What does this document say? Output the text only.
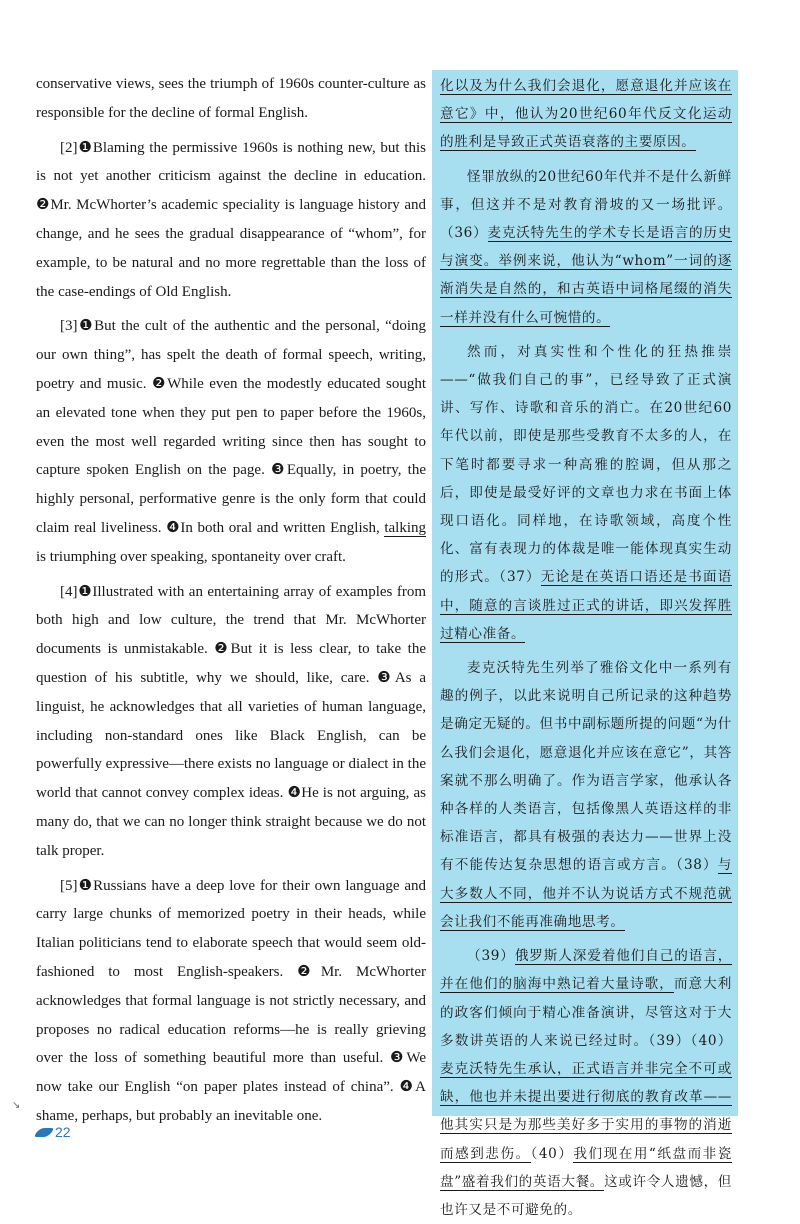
conservative views, sees the triumph of 1960s counter-culture as responsible for the decline of formal English.

[2]❶Blaming the permissive 1960s is nothing new, but this is not yet another criticism against the decline in education. ❷Mr. McWhorter’s academic speciality is language history and change, and he sees the gradual disappearance of “whom”, for example, to be natural and no more regrettable than the loss of the case-endings of Old English.

[3]❶But the cult of the authentic and the personal, “doing our own thing”, has spelt the death of formal speech, writing, poetry and music. ❷While even the modestly educated sought an elevated tone when they put pen to paper before the 1960s, even the most well regarded writing since then has sought to capture spoken English on the page. ❸Equally, in poetry, the highly personal, performative genre is the only form that could claim real liveliness. ❹In both oral and written English, talking is triumphing over speaking, spontaneity over craft.

[4]❶Illustrated with an entertaining array of examples from both high and low culture, the trend that Mr. McWhorter documents is unmistakable. ❷But it is less clear, to take the question of his subtitle, why we should, like, care. ❸As a linguist, he acknowledges that all varieties of human language, including non-standard ones like Black English, can be powerfully expressive—there exists no language or dialect in the world that cannot convey complex ideas. ❹He is not arguing, as many do, that we can no longer think straight because we do not talk proper.

[5]❶Russians have a deep love for their own language and carry large chunks of memorized poetry in their heads, while Italian politicians tend to elaborate speech that would seem old-fashioned to most English-speakers. ❷Mr. McWhorter acknowledges that formal language is not strictly necessary, and proposes no radical education reforms—he is really grieving over the loss of something beautiful more than useful. ❸We now take our English “on paper plates instead of china”. ❹A shame, perhaps, but probably an inevitable one.

化以及为什么我们会退化，愿意退化并应该在意它》中，他认为20世纪60年代反文化运动的胜利是导致正式英语衰落的主要原因。

怪罪放纵的20世纪60年代并不是什么新鲜事，但这并不是对教育滑坡的又一场批评。（36）麦克沃特先生的学术专长是语言的历史与演变。举例来说，他认为“whom”一词的逐渐消失是自然的，和古英语中词格尾缀的消失一样并没有什么可惋惜的。

然而，对真实性和个性化的狂热推崇——“做我们自己的事”，已经导致了正式演讲、写作、诗歌和音乐的消亡。在20世纪60年代以前，即使是那些受教育不太多的人，在下笔时都要寻求一种高雅的腔调，但从那之后，即使是最受好评的文章也力求在书面上体现口语化。同样地，在诗歌领域，高度个性化、富有表现力的体裁是唯一能体现真实生动的形式。（37）无论是在英语口语还是书面语中，随意的言谈胜过正式的讲话，即兴发挥胜过精心准备。

麦克沃特先生列举了雅俗文化中一系列有趣的例子，以此来说明自己所记录的这种趋势是确定无疑的。但书中副标题所提的问题“为什么我们会退化，愿意退化并应该在意它”，其答案就不那么明确了。作为语言学家，他承认各种各样的人类语言，包括像黑人英语这样的非标准语言，都具有极强的表达力——世界上没有不能传达复杂思想的语言或方言。（38）与大多数人不同，他并不认为说话方式不规范就会让我们不能再准确地思考。

（39）俄罗斯人深爱着他们自己的语言，并在他们的脑海中熟记着大量诗歌，而意大利的政客们倾向于精心准备演讲，尽管这对于大多数讲英语的人来说已经过时。（39）（40）麦克沃特先生承认，正式语言并非完全不可或缺，他也并未提出要进行彻底的教育改革——他其实只是为那些美好多于实用的事物的消逝而感到悲伤。（40）我们现在用“纸盘而非瓷盘”盛着我们的英语大餐。这或许令人遗憾，但也许又是不可避免的。

↘
22
